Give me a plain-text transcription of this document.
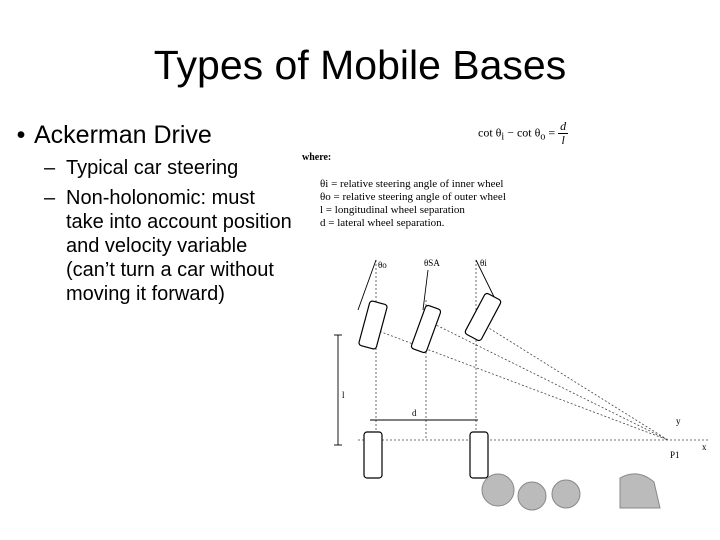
Types of Mobile Bases
• Ackerman Drive
– Typical car steering
– Non-holonomic: must take into account position and velocity variable (can’t turn a car without moving it forward)
θo	θSA	θi
l
d
x
y
P1
$\cot \theta_i - \cot \theta_o = \frac{d}{l}$
where:
θi = relative steering angle of inner wheel
θo = relative steering angle of outer wheel
l = longitudinal wheel separation
d = lateral wheel separation.
